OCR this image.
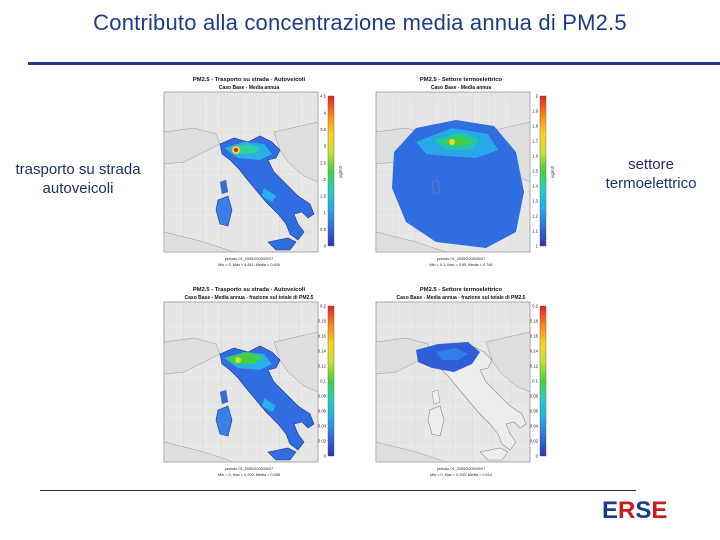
Contributo alla concentrazione media annua di PM2.5
trasporto su strada autoveicoli
settore termoelettrico
PM2.5 - Trasporto su strada - Autoveicoli
Caso Base - Media annua
4.5
4
3.5
3
2.5
2
1.5
1
0.5
0
ug/m3
periodo 01_2005/2005/09/07
Min = 0, Max = 4.811, Media = 0.405
PM2.5 - Settore termoelettrico
Caso Base - Media annua
2
1.9
1.8
1.7
1.6
1.5
1.4
1.3
1.2
1.1
1
ug/m3
periodo 01_2005/2005/09/07
Min = 0.1, Max = 0.95, Media = 0.746
PM2.5 - Trasporto su strada - Autoveicoli
Caso Base - Media annua - frazione sul totale di PM2.5
0.2
0.18
0.16
0.14
0.12
0.1
0.08
0.06
0.04
0.02
0
periodo 01_2005/2005/09/07
Min = 0, Max = 0.200, Media = 0.066
PM2.5 - Settore termoelettrico
Caso Base - Media annua - frazione sul totale di PM2.5
0.2
0.18
0.16
0.14
0.12
0.1
0.08
0.06
0.04
0.02
0
periodo 01_2005/2005/09/07
Min = 0, Max = 0.200, Media = 0.014
ERSE
